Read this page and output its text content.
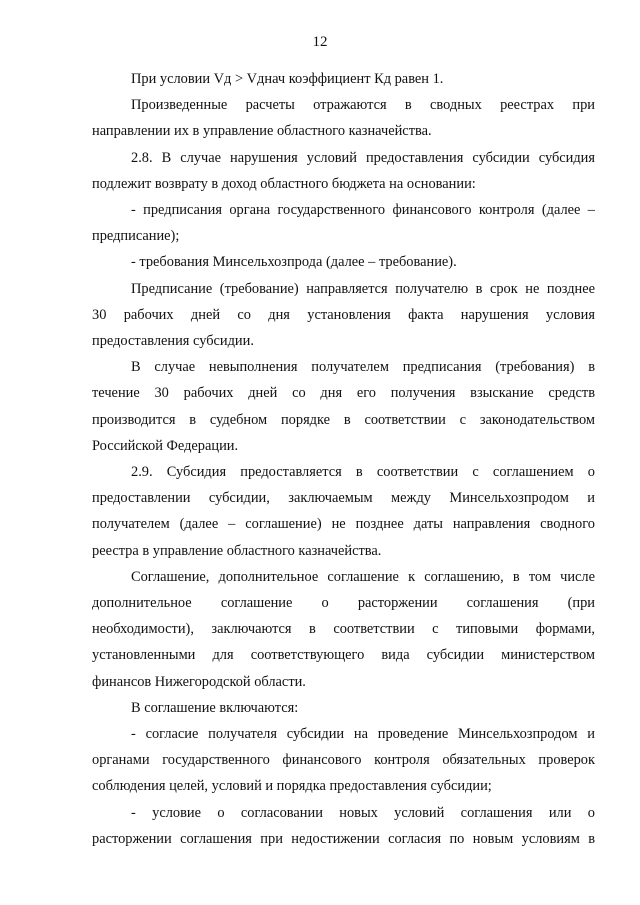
12
При условии Vд > Vднач коэффициент Кд равен 1.
Произведенные расчеты отражаются в сводных реестрах при
направлении их в управление областного казначейства.
2.8. В случае нарушения условий предоставления субсидии субсидия
подлежит возврату в доход областного бюджета на основании:
- предписания органа государственного финансового контроля (далее –
предписание);
- требования Минсельхозпрода (далее – требование).
Предписание (требование) направляется получателю в срок не позднее
30 рабочих дней со дня установления факта нарушения условия
предоставления субсидии.
В случае невыполнения получателем предписания (требования) в
течение 30 рабочих дней со дня его получения взыскание средств
производится в судебном порядке в соответствии с законодательством
Российской Федерации.
2.9. Субсидия предоставляется в соответствии с соглашением о
предоставлении субсидии, заключаемым между Минсельхозпродом и
получателем (далее – соглашение) не позднее даты направления сводного
реестра в управление областного казначейства.
Соглашение, дополнительное соглашение к соглашению, в том числе
дополнительное соглашение о расторжении соглашения (при
необходимости), заключаются в соответствии с типовыми формами,
установленными для соответствующего вида субсидии министерством
финансов Нижегородской области.
В соглашение включаются:
- согласие получателя субсидии на проведение Минсельхозпродом и
органами государственного финансового контроля обязательных проверок
соблюдения целей, условий и порядка предоставления субсидии;
- условие о согласовании новых условий соглашения или о
расторжении соглашения при недостижении согласия по новым условиям в
